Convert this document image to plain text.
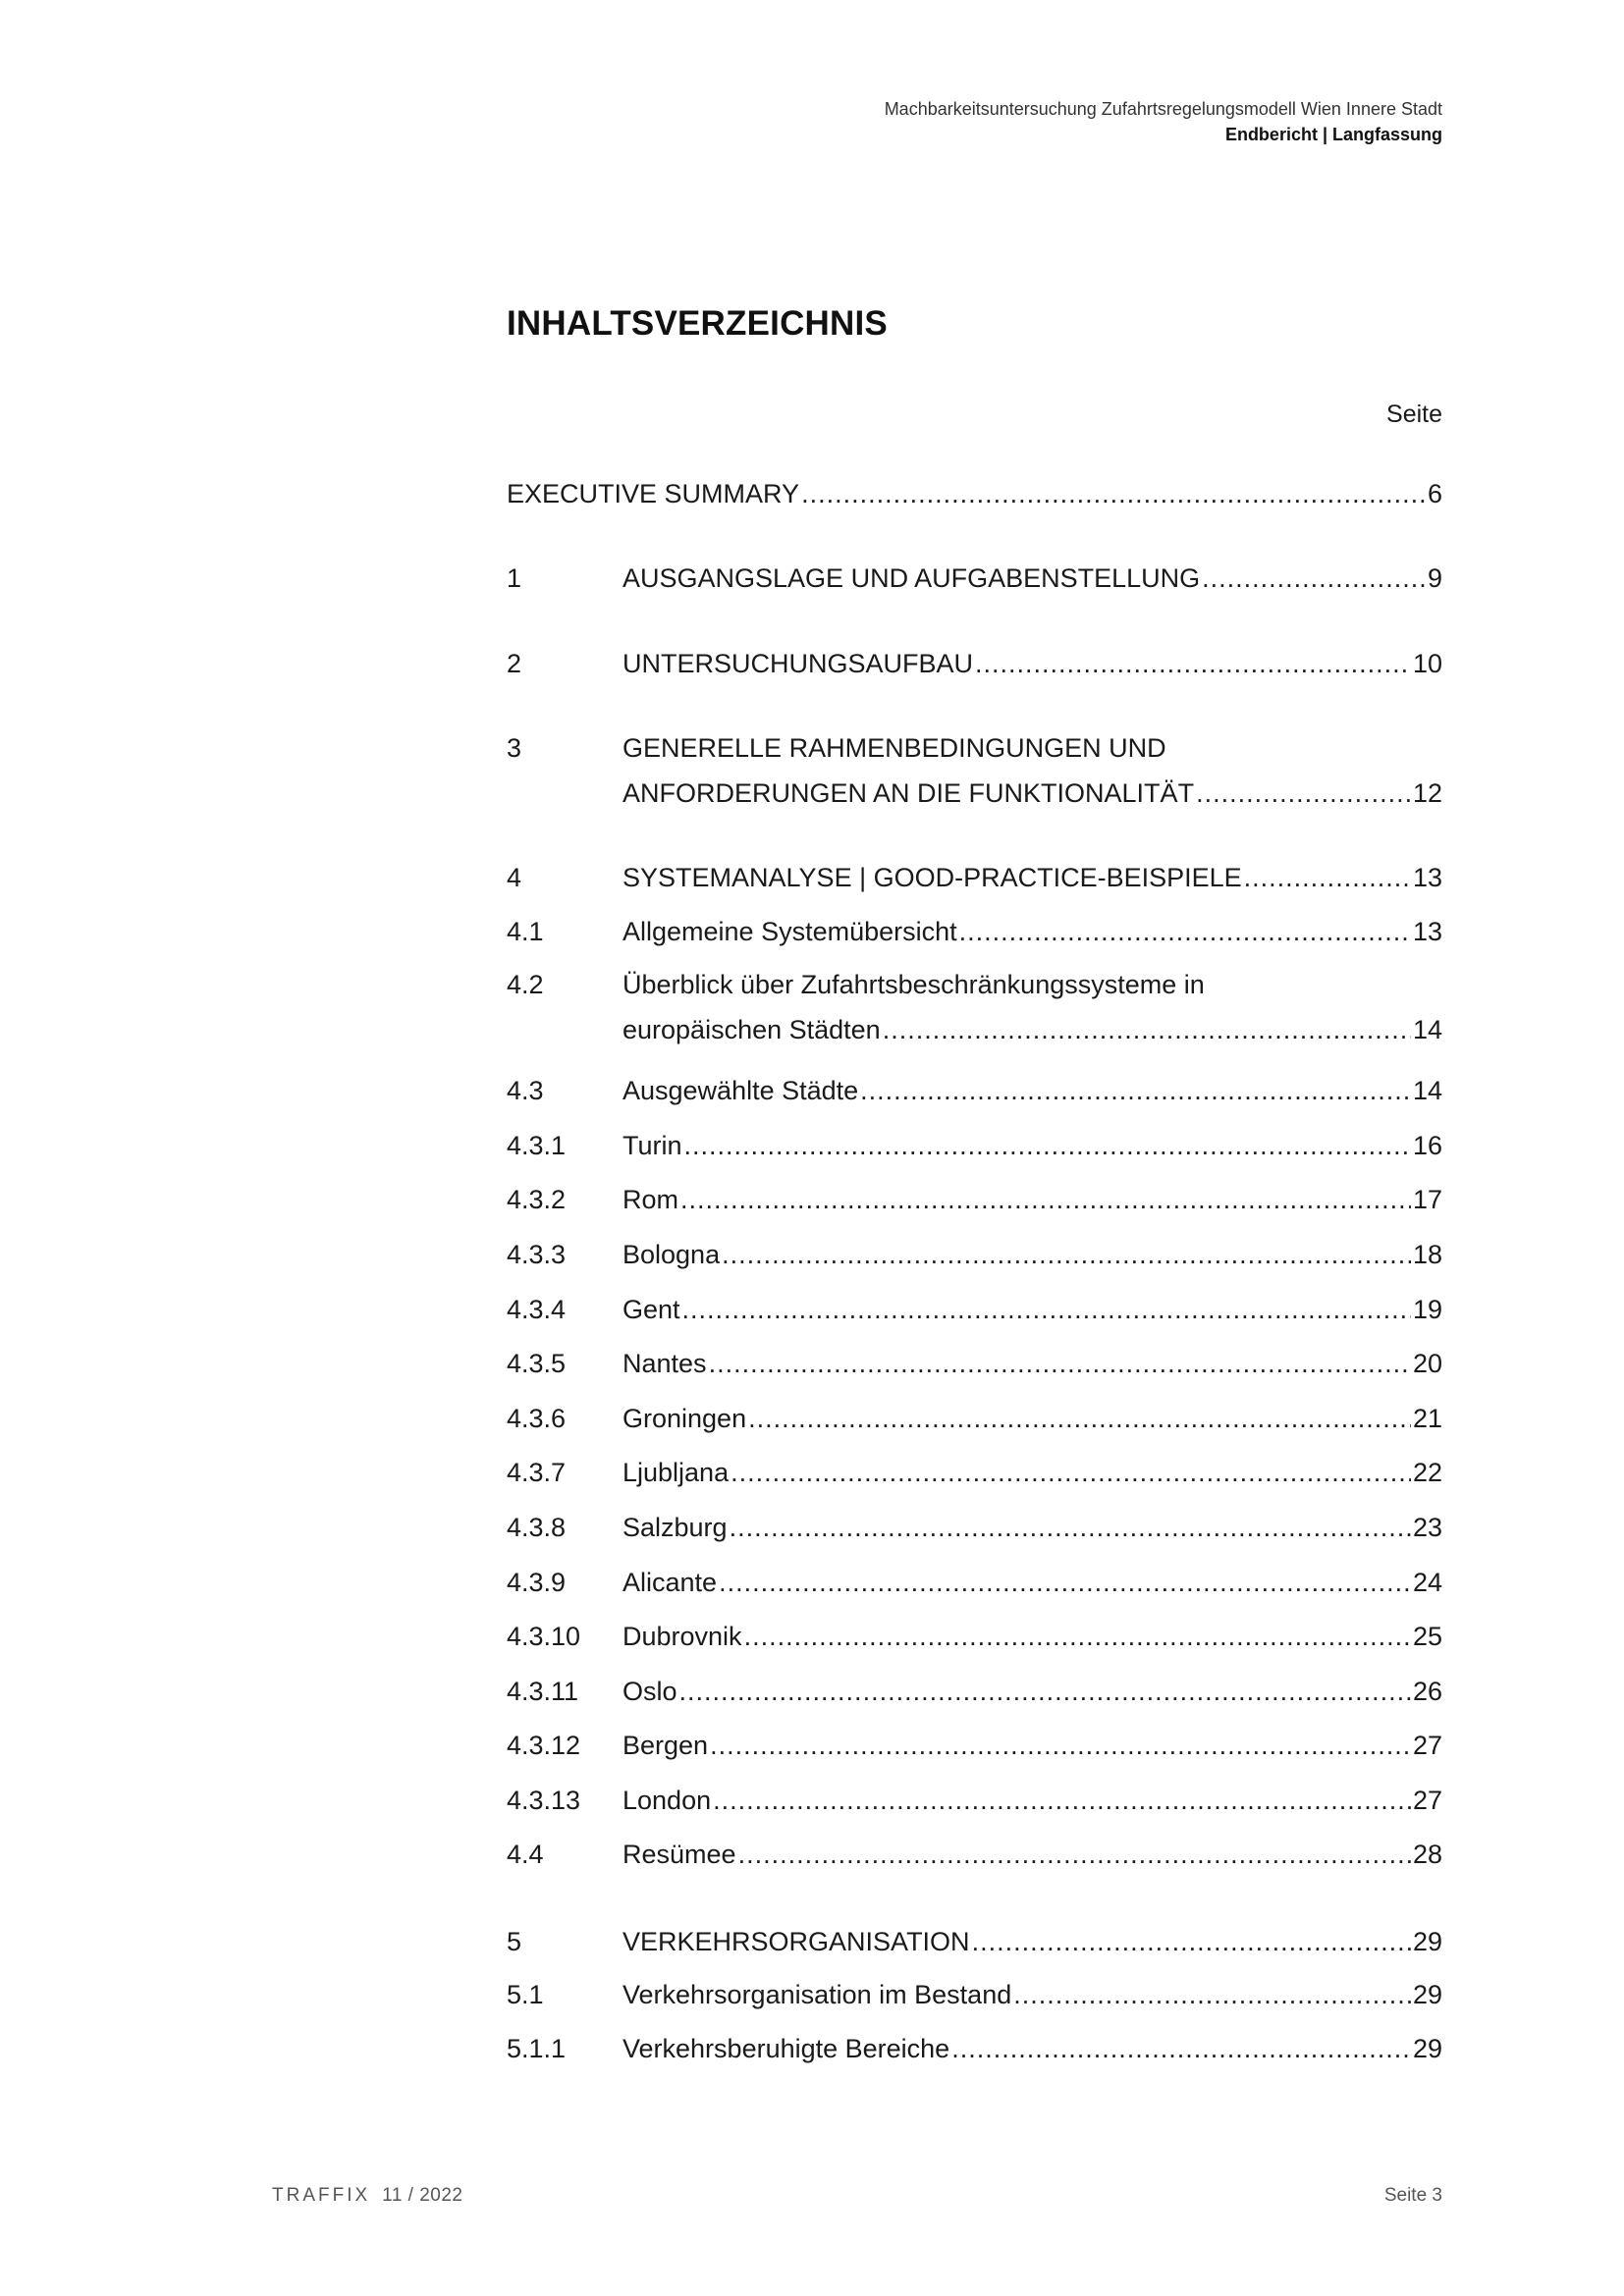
Machbarkeitsuntersuchung Zufahrtsregelungsmodell Wien Innere Stadt
Endbericht | Langfassung
INHALTSVERZEICHNIS
Seite
EXECUTIVE SUMMARY .....	6
1	AUSGANGSLAGE UND AUFGABENSTELLUNG .....	9
2	UNTERSUCHUNGSAUFBAU .....	10
3	GENERELLE RAHMENBEDINGUNGEN UND
ANFORDERUNGEN AN DIE FUNKTIONALITÄT .....	12
4	SYSTEMANALYSE | GOOD-PRACTICE-BEISPIELE .....	13
4.1	Allgemeine Systemübersicht .....	13
4.2	Überblick über Zufahrtsbeschränkungssysteme in
europäischen Städten .....	14
4.3	Ausgewählte Städte .....	14
4.3.1	Turin .....	16
4.3.2	Rom .....	17
4.3.3	Bologna .....	18
4.3.4	Gent .....	19
4.3.5	Nantes .....	20
4.3.6	Groningen .....	21
4.3.7	Ljubljana .....	22
4.3.8	Salzburg .....	23
4.3.9	Alicante .....	24
4.3.10	Dubrovnik .....	25
4.3.11	Oslo .....	26
4.3.12	Bergen .....	27
4.3.13	London .....	27
4.4	Resümee .....	28
5	VERKEHRSORGANISATION .....	29
5.1	Verkehrsorganisation im Bestand .....	29
5.1.1	Verkehrsberuhigte Bereiche .....	29
TRAFFIX 11 / 2022	Seite 3
